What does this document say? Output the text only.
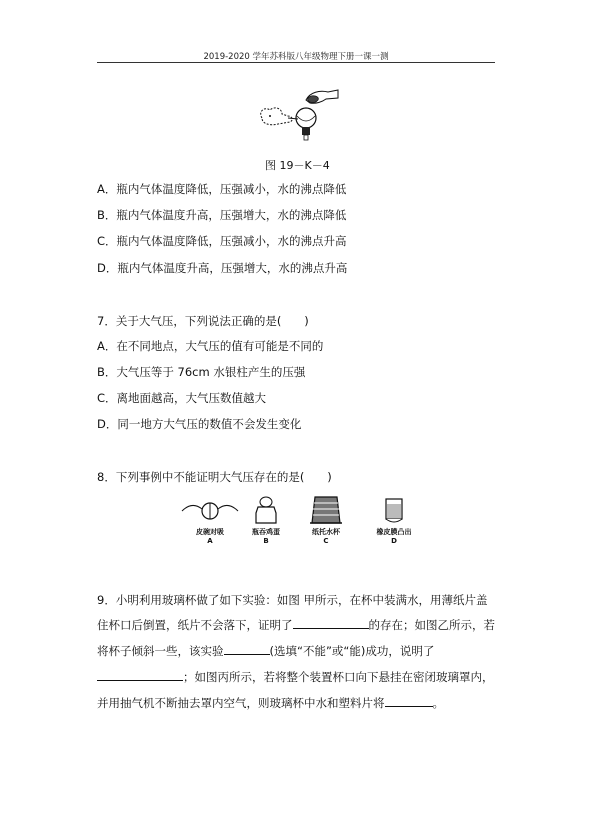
2019-2020 学年苏科版八年级物理下册一课一测
图 19－K－4
A．瓶内气体温度降低，压强减小，水的沸点降低
B．瓶内气体温度升高，压强增大，水的沸点降低
C．瓶内气体温度降低，压强减小，水的沸点升高
D．瓶内气体温度升高，压强增大，水的沸点升高
7．关于大气压，下列说法正确的是(　　)
A．在不同地点，大气压的值有可能是不同的
B．大气压等于 76cm 水银柱产生的压强
C．离地面越高，大气压数值越大
D．同一地方大气压的数值不会发生变化
8．下列事例中不能证明大气压存在的是(　　)
皮碗对吸
A
瓶吞鸡蛋
B
纸托水杯
C
橡皮膜凸出
D
9．小明利用玻璃杯做了如下实验：如图 甲所示，在杯中装满水，用薄纸片盖
住杯口后倒置，纸片不会落下，证明了	的存在；如图乙所示，若
将杯子倾斜一些，该实验	(选填“不能”或“能)成功，说明了
；如图丙所示，若将整个装置杯口向下悬挂在密闭玻璃罩内，
并用抽气机不断抽去罩内空气，则玻璃杯中水和塑料片将	。
